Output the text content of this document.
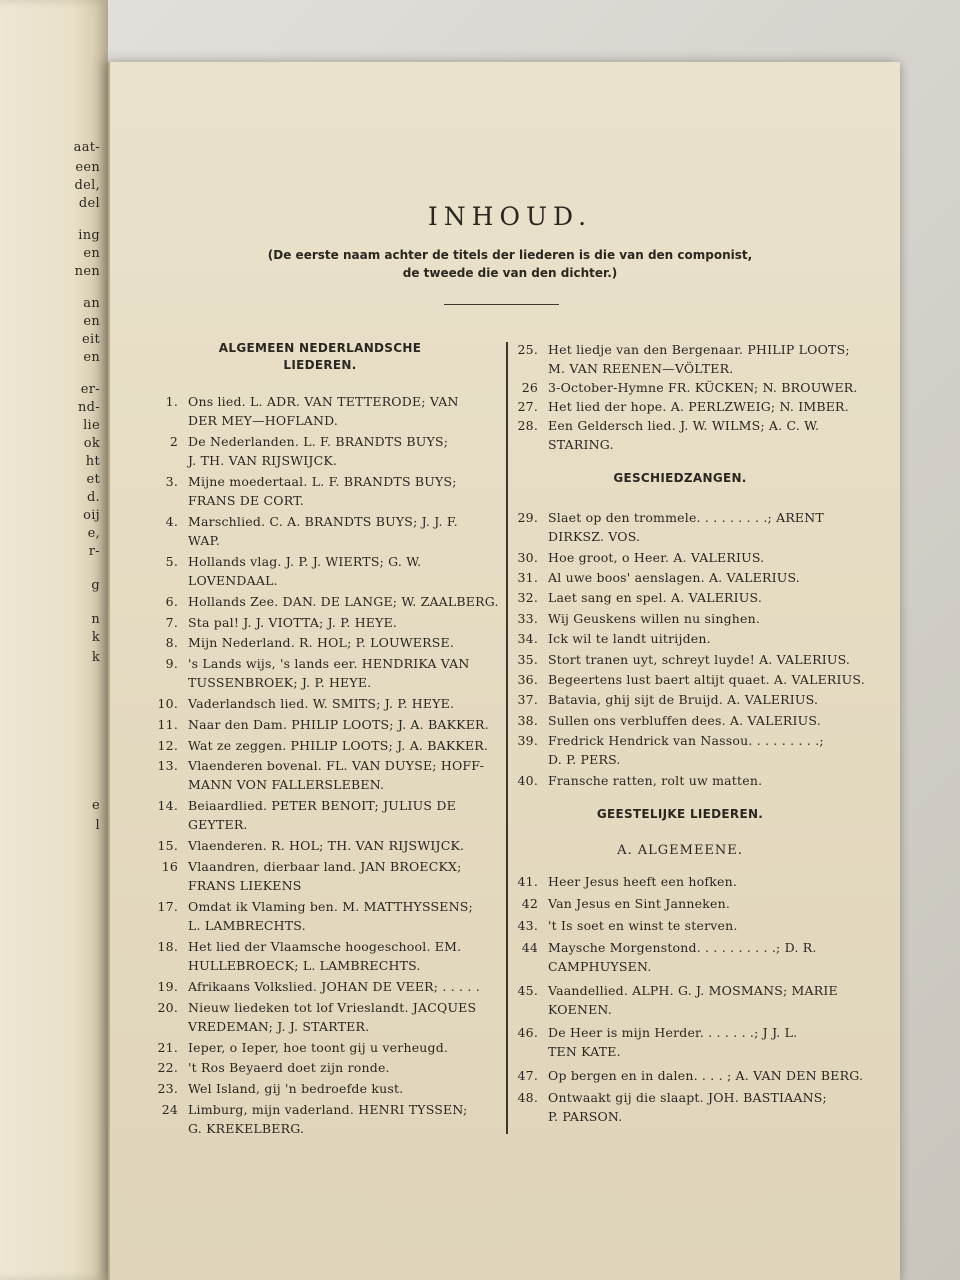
aat-
een
del,
del
ing
en
nen
an
en
eit
en
er-
nd-
lie
ok
ht
et
d.
oij
e,
r-
g
n
k
k
e
l
INHOUD.
(De eerste naam achter de titels der liederen is die van den componist,
de tweede die van den dichter.)
ALGEMEEN NEDERLANDSCHE
LIEDEREN.
GESCHIEDZANGEN.
GEESTELIJKE LIEDEREN.
A. ALGEMEENE.
1. Ons lied. L. ADR. VAN TETTERODE; VAN
DER MEY—HOFLAND.
2 De Nederlanden. L. F. BRANDTS BUYS;
J. TH. VAN RIJSWIJCK.
3. Mijne moedertaal. L. F. BRANDTS BUYS;
FRANS DE CORT.
4. Marschlied. C. A. BRANDTS BUYS; J. J. F.
WAP.
5. Hollands vlag. J. P. J. WIERTS; G. W.
LOVENDAAL.
6. Hollands Zee. DAN. DE LANGE; W. ZAALBERG.
7. Sta pal! J. J. VIOTTA; J. P. HEYE.
8. Mijn Nederland. R. HOL; P. LOUWERSE.
9. 's Lands wijs, 's lands eer. HENDRIKA VAN
TUSSENBROEK; J. P. HEYE.
10. Vaderlandsch lied. W. SMITS; J. P. HEYE.
11. Naar den Dam. PHILIP LOOTS; J. A. BAKKER.
12. Wat ze zeggen. PHILIP LOOTS; J. A. BAKKER.
13. Vlaenderen bovenal. FL. VAN DUYSE; HOFF-
MANN VON FALLERSLEBEN.
14. Beiaardlied. PETER BENOIT; JULIUS DE
GEYTER.
15. Vlaenderen. R. HOL; TH. VAN RIJSWIJCK.
16 Vlaandren, dierbaar land. JAN BROECKX;
FRANS LIEKENS
17. Omdat ik Vlaming ben. M. MATTHYSSENS;
L. LAMBRECHTS.
18. Het lied der Vlaamsche hoogeschool. EM.
HULLEBROECK; L. LAMBRECHTS.
19. Afrikaans Volkslied. JOHAN DE VEER; . . . . .
20. Nieuw liedeken tot lof Vrieslandt. JACQUES
VREDEMAN; J. J. STARTER.
21. Ieper, o Ieper, hoe toont gij u verheugd.
22. 't Ros Beyaerd doet zijn ronde.
23. Wel Island, gij 'n bedroefde kust.
24 Limburg, mijn vaderland. HENRI TYSSEN;
G. KREKELBERG.
25. Het liedje van den Bergenaar. PHILIP LOOTS;
M. VAN REENEN—VÖLTER.
26 3-October-Hymne FR. KÜCKEN; N. BROUWER.
27. Het lied der hope. A. PERLZWEIG; N. IMBER.
28. Een Geldersch lied. J. W. WILMS; A. C. W.
STARING.
29. Slaet op den trommele. . . . . . . . .; ARENT
DIRKSZ. VOS.
30. Hoe groot, o Heer. A. VALERIUS.
31. Al uwe boos' aenslagen. A. VALERIUS.
32. Laet sang en spel. A. VALERIUS.
33. Wij Geuskens willen nu singhen.
34. Ick wil te landt uitrijden.
35. Stort tranen uyt, schreyt luyde! A. VALERIUS.
36. Begeertens lust baert altijt quaet. A. VALERIUS.
37. Batavia, ghij sijt de Bruijd. A. VALERIUS.
38. Sullen ons verbluffen dees. A. VALERIUS.
39. Fredrick Hendrick van Nassou. . . . . . . . .;
D. P. PERS.
40. Fransche ratten, rolt uw matten.
41. Heer Jesus heeft een hofken.
42 Van Jesus en Sint Janneken.
43. 't Is soet en winst te sterven.
44 Maysche Morgenstond. . . . . . . . . .; D. R.
CAMPHUYSEN.
45. Vaandellied. ALPH. G. J. MOSMANS; MARIE
KOENEN.
46. De Heer is mijn Herder. . . . . . .; J J. L.
TEN KATE.
47. Op bergen en in dalen. . . . ; A. VAN DEN BERG.
48. Ontwaakt gij die slaapt. JOH. BASTIAANS;
P. PARSON.
